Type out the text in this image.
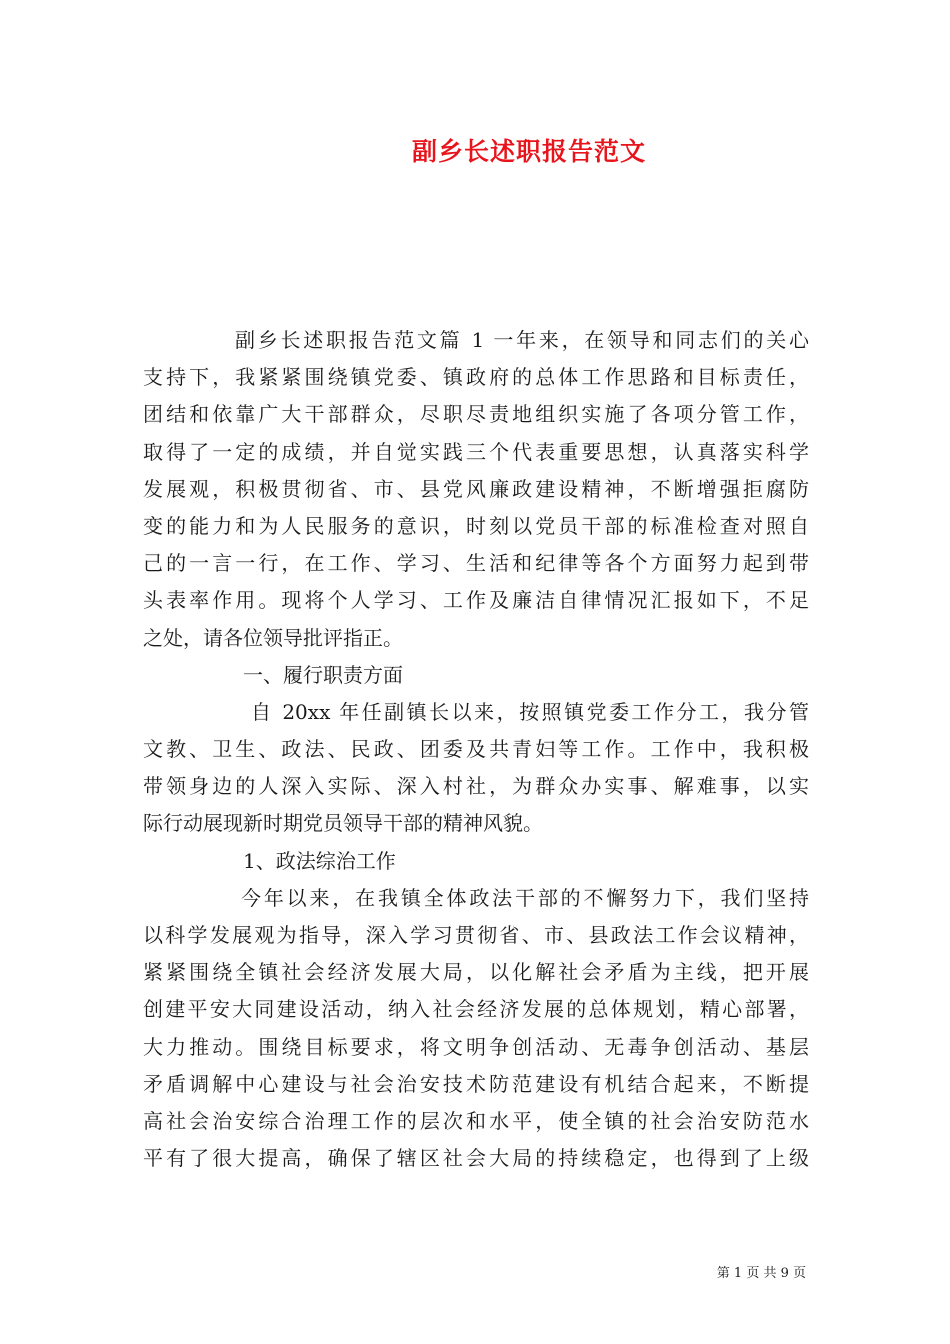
副乡长述职报告范文
副乡长述职报告范文篇 1 一年来，在领导和同志们的关心
支持下，我紧紧围绕镇党委、镇政府的总体工作思路和目标责任，
团结和依靠广大干部群众，尽职尽责地组织实施了各项分管工作，
取得了一定的成绩，并自觉实践三个代表重要思想，认真落实科学
发展观，积极贯彻省、市、县党风廉政建设精神，不断增强拒腐防
变的能力和为人民服务的意识，时刻以党员干部的标准检查对照自
己的一言一行，在工作、学习、生活和纪律等各个方面努力起到带
头表率作用。现将个人学习、工作及廉洁自律情况汇报如下，不足
之处，请各位领导批评指正。
一、履行职责方面
自 20xx 年任副镇长以来，按照镇党委工作分工，我分管
文教、卫生、政法、民政、团委及共青妇等工作。工作中，我积极
带领身边的人深入实际、深入村社，为群众办实事、解难事，以实
际行动展现新时期党员领导干部的精神风貌。
1、政法综治工作
今年以来，在我镇全体政法干部的不懈努力下，我们坚持
以科学发展观为指导，深入学习贯彻省、市、县政法工作会议精神，
紧紧围绕全镇社会经济发展大局，以化解社会矛盾为主线，把开展
创建平安大同建设活动，纳入社会经济发展的总体规划，精心部署，
大力推动。围绕目标要求，将文明争创活动、无毒争创活动、基层
矛盾调解中心建设与社会治安技术防范建设有机结合起来，不断提
高社会治安综合治理工作的层次和水平，使全镇的社会治安防范水
平有了很大提高，确保了辖区社会大局的持续稳定，也得到了上级
第 1 页 共 9 页
